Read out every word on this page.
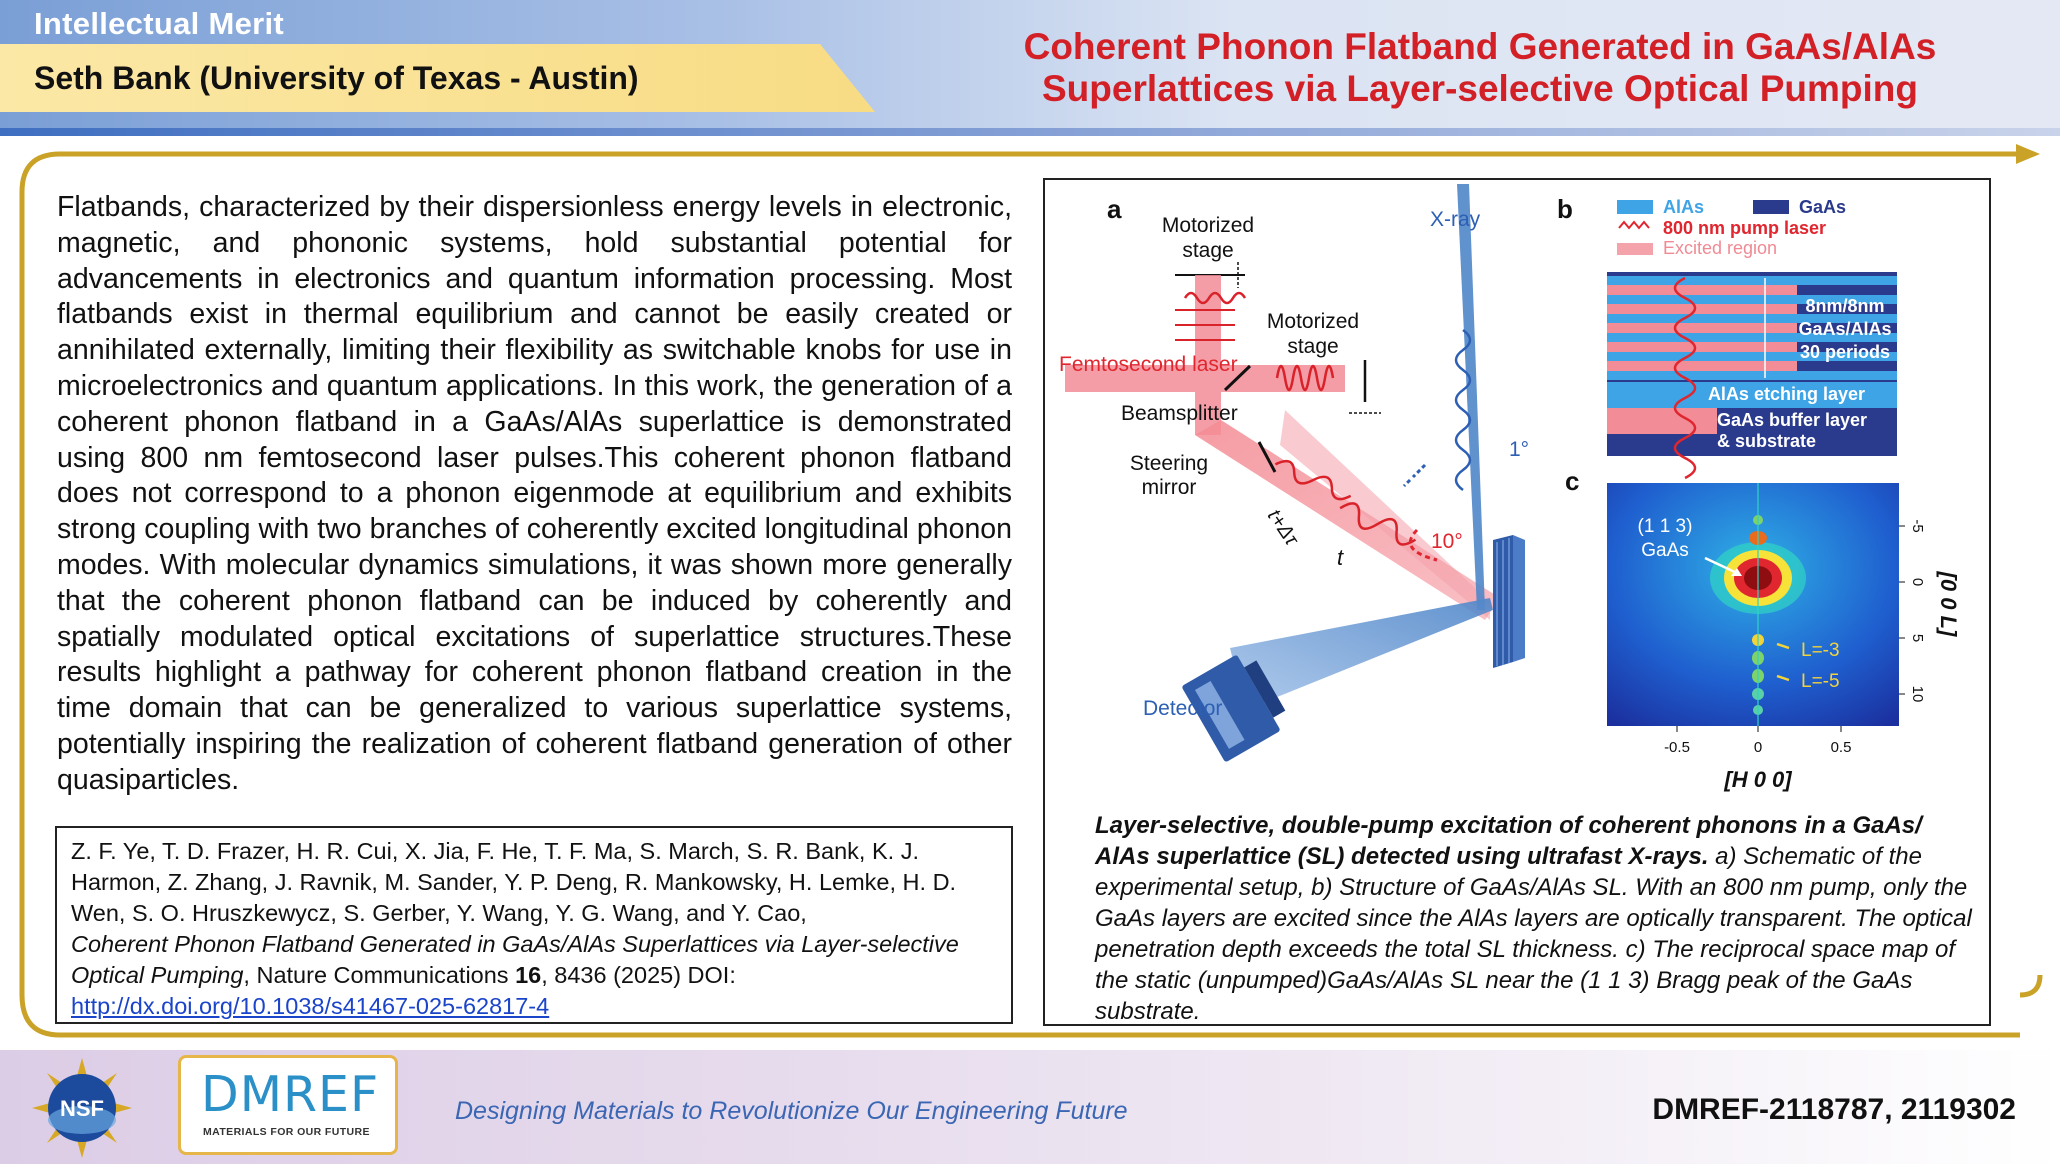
Intellectual Merit
Seth Bank (University of Texas - Austin)
Coherent Phonon Flatband Generated in GaAs/AlAs Superlattices via Layer-selective Optical Pumping
Flatbands, characterized by their dispersionless energy levels in electronic, magnetic, and phononic systems, hold substantial potential for advancements in electronics and quantum information processing. Most flatbands exist in thermal equilibrium and cannot be easily created or annihilated externally, limiting their flexibility as switchable knobs for use in microelectronics and quantum applications. In this work, the generation of a coherent phonon flatband in a GaAs/AlAs superlattice is demonstrated using 800 nm femtosecond laser pulses.This coherent phonon flatband does not correspond to a phonon eigenmode at equilibrium and exhibits strong coupling with two branches of coherently excited longitudinal phonon modes. With molecular dynamics simulations, it was shown more generally that the coherent phonon flatband can be induced by coherently and spatially modulated optical excitations of superlattice structures.These results highlight a pathway for coherent phonon flatband creation in the time domain that can be generalized to various superlattice systems, potentially inspiring the realization of coherent flatband generation of other quasiparticles.
Z. F. Ye, T. D. Frazer, H. R. Cui, X. Jia, F. He, T. F. Ma, S. March, S. R. Bank, K. J. Harmon, Z. Zhang, J. Ravnik, M. Sander, Y. P. Deng, R. Mankowsky, H. Lemke, H. D. Wen, S. O. Hruszkewycz, S. Gerber, Y. Wang, Y. G. Wang, and Y. Cao,
Coherent Phonon Flatband Generated in GaAs/AlAs Superlattices via Layer-selective Optical Pumping, Nature Communications 16, 8436 (2025) DOI:
http://dx.doi.org/10.1038/s41467-025-62817-4
a
Motorized
stage
Motorized
stage
Femtosecond laser
Beamsplitter
Steering
mirror
t+Δτ
t
X-ray
1°
10°
Detector
b	AlAs	GaAs
800 nm pump laser
Excited region
8nm/8nm
GaAs/AlAs
30 periods
AlAs etching layer
GaAs buffer layer
& substrate
c
(1 1 3)
GaAs
L=-3
L=-5
-0.5	0	0.5
[H 0 0]
-5
0
5
10
[0 0 L]
Layer-selective, double-pump excitation of coherent phonons in a GaAs/ AlAs superlattice (SL) detected using ultrafast X-rays. a) Schematic of the experimental setup, b) Structure of GaAs/AlAs SL. With an 800 nm pump, only the GaAs layers are excited since the AlAs layers are optically transparent. The optical penetration depth exceeds the total SL thickness. c) The reciprocal space map of the static (unpumped)GaAs/AlAs SL near the (1 1 3) Bragg peak of the GaAs substrate.
NSF DMREF
MATERIALS FOR OUR FUTURE
Designing Materials to Revolutionize Our Engineering Future	DMREF-2118787, 2119302
